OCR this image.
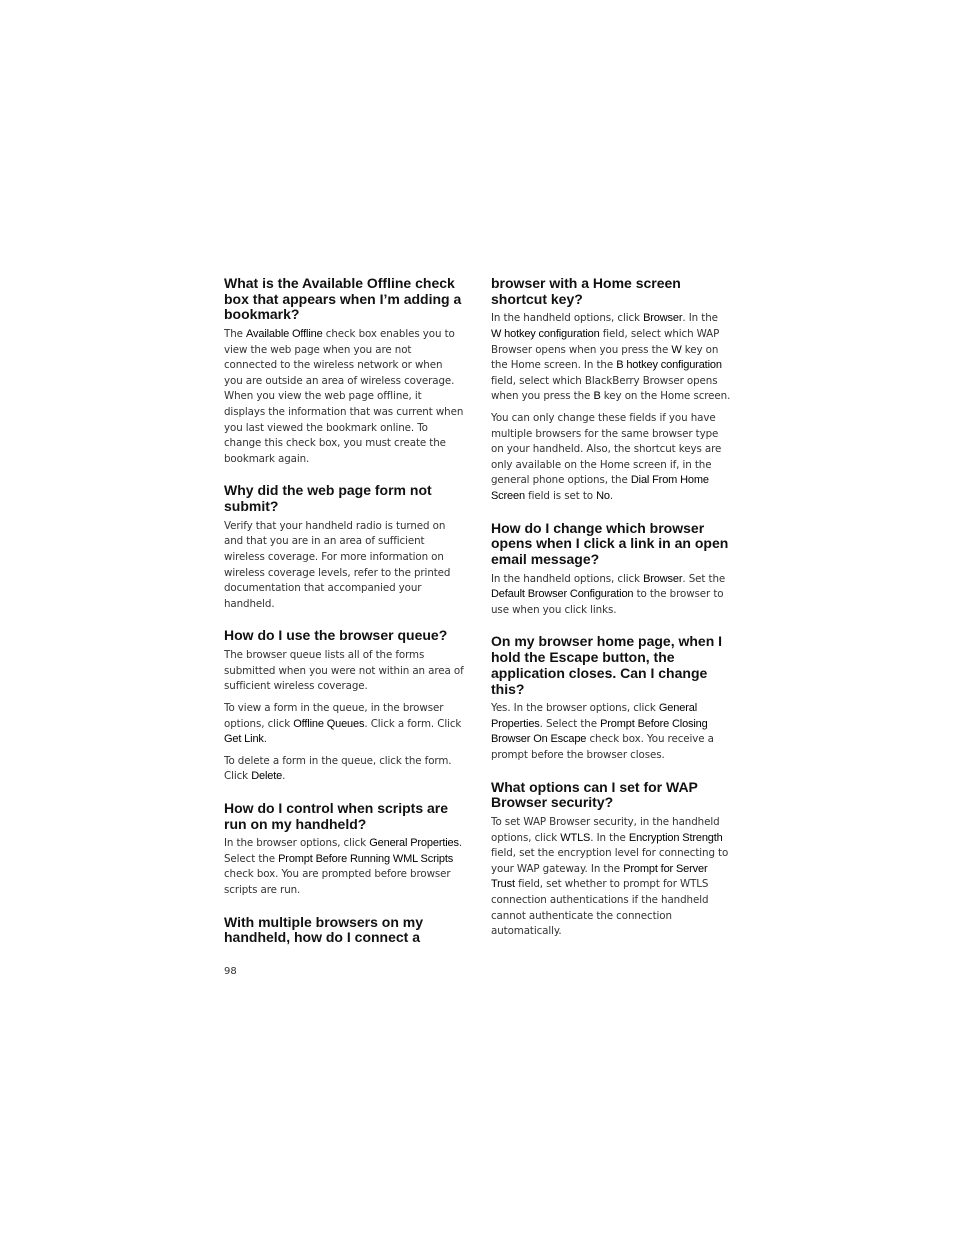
What is the Available Offline check box that appears when I’m adding a bookmark?

The Available Offline check box enables you to view the web page when you are not connected to the wireless network or when you are outside an area of wireless coverage. When you view the web page offline, it displays the information that was current when you last viewed the bookmark online. To change this check box, you must create the bookmark again.

Why did the web page form not submit?

Verify that your handheld radio is turned on and that you are in an area of sufficient wireless coverage. For more information on wireless coverage levels, refer to the printed documentation that accompanied your handheld.

How do I use the browser queue?

The browser queue lists all of the forms submitted when you were not within an area of sufficient wireless coverage.

To view a form in the queue, in the browser options, click Offline Queues. Click a form. Click Get Link.

To delete a form in the queue, click the form. Click Delete.

How do I control when scripts are run on my handheld?

In the browser options, click General Properties. Select the Prompt Before Running WML Scripts check box. You are prompted before browser scripts are run.

With multiple browsers on my handheld, how do I connect a
browser with a Home screen shortcut key?

In the handheld options, click Browser. In the W hotkey configuration field, select which WAP Browser opens when you press the W key on the Home screen. In the B hotkey configuration field, select which BlackBerry Browser opens when you press the B key on the Home screen.

You can only change these fields if you have multiple browsers for the same browser type on your handheld. Also, the shortcut keys are only available on the Home screen if, in the general phone options, the Dial From Home Screen field is set to No.

How do I change which browser opens when I click a link in an open email message?

In the handheld options, click Browser. Set the Default Browser Configuration to the browser to use when you click links.

On my browser home page, when I hold the Escape button, the application closes. Can I change this?

Yes. In the browser options, click General Properties. Select the Prompt Before Closing Browser On Escape check box. You receive a prompt before the browser closes.

What options can I set for WAP Browser security?

To set WAP Browser security, in the handheld options, click WTLS. In the Encryption Strength field, set the encryption level for connecting to your WAP gateway. In the Prompt for Server Trust field, set whether to prompt for WTLS connection authentications if the handheld cannot authenticate the connection automatically.

98
